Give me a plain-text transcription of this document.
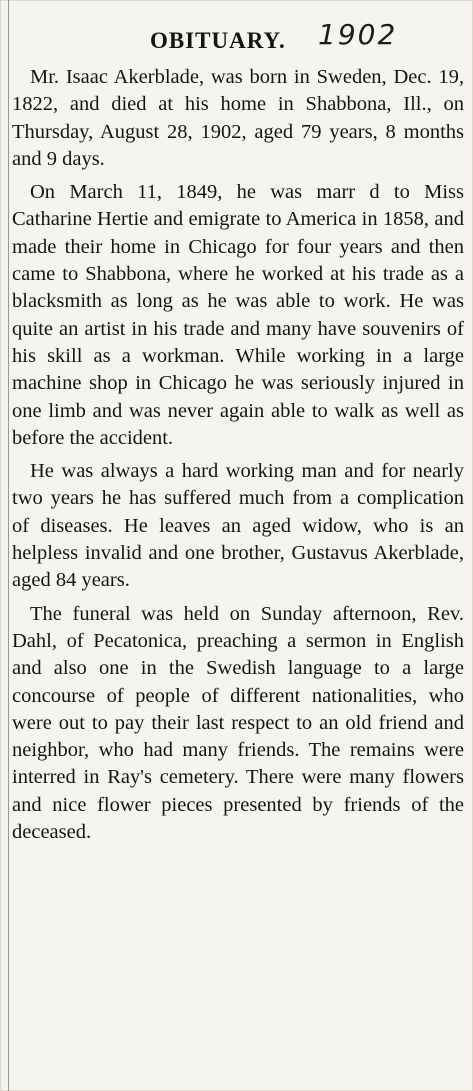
OBITUARY. 1902

Mr. Isaac Akerblade, was born in Sweden, Dec. 19, 1822, and died at his home in Shabbona, Ill., on Thursday, August 28, 1902, aged 79 years, 8 months and 9 days.

On March 11, 1849, he was marr d to Miss Catharine Hertie and emigrate to America in 1858, and made their home in Chicago for four years and then came to Shabbona, where he worked at his trade as a blacksmith as long as he was able to work. He was quite an artist in his trade and many have souvenirs of his skill as a workman. While working in a large machine shop in Chicago he was seriously injured in one limb and was never again able to walk as well as before the accident.

He was always a hard working man and for nearly two years he has suffered much from a complication of diseases. He leaves an aged widow, who is an helpless invalid and one brother, Gustavus Akerblade, aged 84 years.

The funeral was held on Sunday afternoon, Rev. Dahl, of Pecatonica, preaching a sermon in English and also one in the Swedish language to a large concourse of people of different nationalities, who were out to pay their last respect to an old friend and neighbor, who had many friends. The remains were interred in Ray's cemetery. There were many flowers and nice flower pieces presented by friends of the deceased.
